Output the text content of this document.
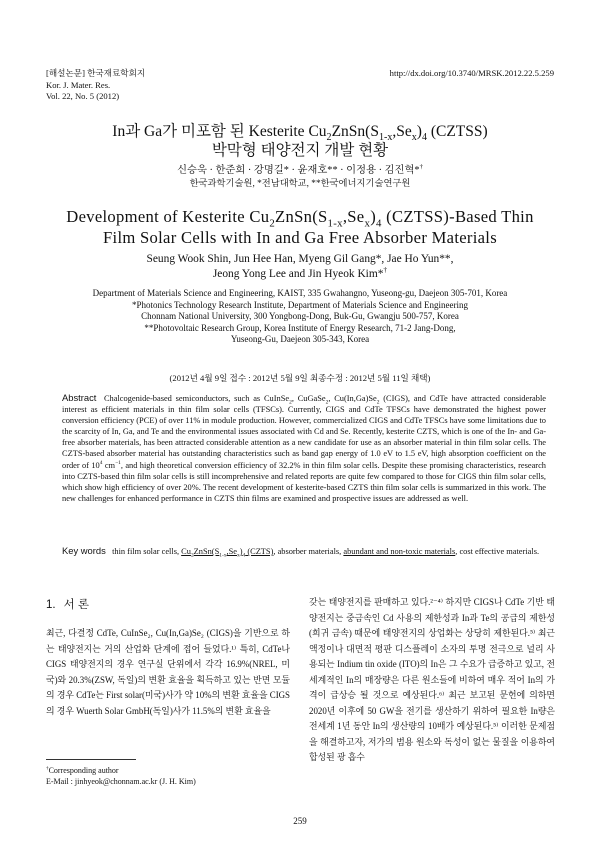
[해설논문] 한국재료학회지
Kor. J. Mater. Res.
Vol. 22, No. 5 (2012)
http://dx.doi.org/10.3740/MRSK.2012.22.5.259
In과 Ga가 미포함 된 Kesterite $Cu_2ZnSn(S_{1-x},Se_x)_4$ (CZTSS)
박막형 태양전지 개발 현황
신승욱 · 한준희 · 강명길* · 윤재호** · 이정용 · 김진혁*†
한국과학기술원, *전남대학교, **한국에너지기술연구원
Development of Kesterite $Cu_2ZnSn(S_{1-x},Se_x)_4$ (CZTSS)-Based Thin
Film Solar Cells with In and Ga Free Absorber Materials
Seung Wook Shin, Jun Hee Han, Myeng Gil Gang*, Jae Ho Yun**,
Jeong Yong Lee and Jin Hyeok Kim*†
Department of Materials Science and Engineering, KAIST, 335 Gwahangno, Yuseong-gu, Daejeon 305-701, Korea
*Photonics Technology Research Institute, Department of Materials Science and Engineering
Chonnam National University, 300 Yongbong-Dong, Buk-Gu, Gwangju 500-757, Korea
**Photovoltaic Research Group, Korea Institute of Energy Research, 71-2 Jang-Dong,
Yuseong-Gu, Daejeon 305-343, Korea
(2012년 4월 9일 접수 : 2012년 5월 9일 최종수정 : 2012년 5월 11일 채택)
Abstract Chalcogenide-based semiconductors, such as CuInSe$_2$, CuGaSe$_2$, $Cu(In,Ga)Se_2$ (CIGS), and CdTe have attracted considerable interest as efficient materials in thin film solar cells (TFSCs). Currently, CIGS and CdTe TFSCs have demonstrated the highest power conversion efficiency (PCE) of over 11% in module production. However, commercialized CIGS and CdTe TFSCs have some limitations due to the scarcity of In, Ga, and Te and the environmental issues associated with Cd and Se. Recently, kesterite CZTS, which is one of the In- and Ga- free absorber materials, has been attracted considerable attention as a new candidate for use as an absorber material in thin film solar cells. The CZTS-based absorber material has outstanding characteristics such as band gap energy of 1.0 eV to 1.5 eV, high absorption coefficient on the order of $10^4$ $cm^{-1}$, and high theoretical conversion efficiency of 32.2% in thin film solar cells. Despite these promising characteristics, research into CZTS-based thin film solar cells is still incomprehensive and related reports are quite few compared to those for CIGS thin film solar cells, which show high efficiency of over 20%. The recent development of kesterite-based CZTS thin film solar cells is summarized in this work. The new challenges for enhanced performance in CZTS thin films are examined and prospective issues are addressed as well.
Key words thin film solar cells, $Cu_2ZnSn(S_{1-x},Se_x)_4$ (CZTS), absorber materials, abundant and non-toxic materials, cost effective materials.
1. 서 론
최근, 다결정 CdTe, CuInSe₂, Cu(In,Ga)Se₂ (CIGS)을 기반으로 하는 태양전지는 거의 산업화 단계에 접어 들었다.¹⁾ 특히, CdTe나 CIGS 태양전지의 경우 연구실 단위에서 각각 16.9%(NREL, 미국)와 20.3%(ZSW, 독일)의 변환 효율을 획득하고 있는 반면 모듈의 경우 CdTe는 First solar(미국)사가 약 10%의 변환 효율을 CIGS의 경우 Wuerth Solar GmbH(독일)사가 11.5%의 변환 효율을
갖는 태양전지를 판매하고 있다.²⁻⁴⁾ 하지만 CIGS나 CdTe 기반 태양전지는 중금속인 Cd 사용의 제한성과 In과 Te의 공급의 제한성 (희귀 금속) 때문에 태양전지의 상업화는 상당히 제한된다.⁵⁾ 최근 액정이나 대면적 평판 디스플레이 소자의 투명 전극으로 널리 사용되는 Indium tin oxide (ITO)의 In은 그 수요가 급증하고 있고, 전세계적인 In의 매장량은 다른 원소들에 비하여 매우 적어 In의 가격이 급상승 될 것으로 예상된다.⁶⁾ 최근 보고된 문헌에 의하면 2020년 이후에 50 GW을 전기를 생산하기 위하여 필요한 In량은 전세계 1년 동안 In의 생산량의 10배가 예상된다.⁵⁾ 이러한 문제점을 해결하고자, 저가의 범용 원소와 독성이 없는 물질을 이용하여 합성된 광 흡수
†Corresponding author
E-Mail : jinhyeok@chonnam.ac.kr (J. H. Kim)
259
